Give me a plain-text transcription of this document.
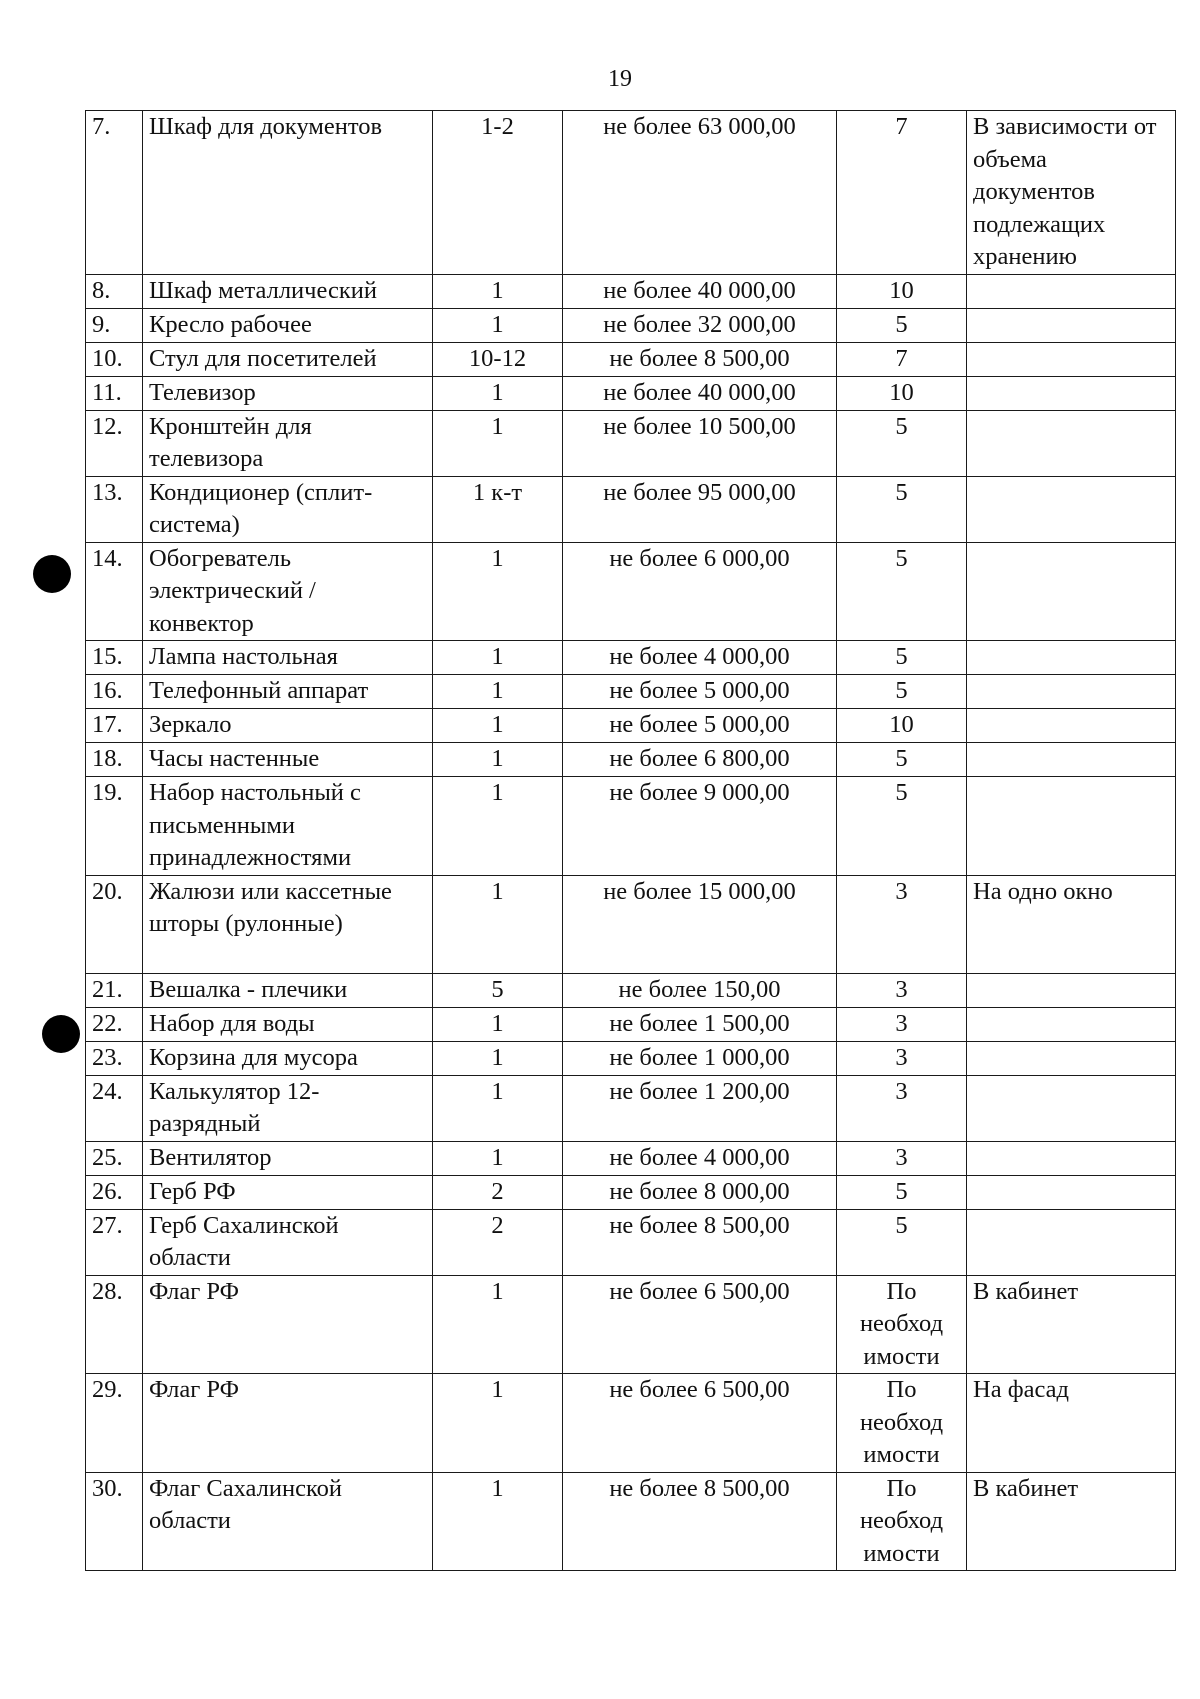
19
7.	Шкаф для документов	1-2	не более 63 000,00	7	В зависимости от объема документов подлежащих хранению
8.	Шкаф металлический	1	не более 40 000,00	10	
9.	Кресло рабочее	1	не более 32 000,00	5	
10.	Стул для посетителей	10-12	не более 8 500,00	7	
11.	Телевизор	1	не более 40 000,00	10	
12.	Кронштейн для телевизора	1	не более 10 500,00	5	
13.	Кондиционер (сплит-система)	1 к-т	не более 95 000,00	5	
14.	Обогреватель электрический / конвектор	1	не более 6 000,00	5	
15.	Лампа настольная	1	не более 4 000,00	5	
16.	Телефонный аппарат	1	не более 5 000,00	5	
17.	Зеркало	1	не более 5 000,00	10	
18.	Часы настенные	1	не более 6 800,00	5	
19.	Набор настольный с письменными принадлежностями	1	не более 9 000,00	5	
20.	Жалюзи или кассетные шторы (рулонные)	1	не более 15 000,00	3	На одно окно
21.	Вешалка - плечики	5	не более 150,00	3	
22.	Набор для воды	1	не более 1 500,00	3	
23.	Корзина для мусора	1	не более 1 000,00	3	
24.	Калькулятор 12-разрядный	1	не более 1 200,00	3	
25.	Вентилятор	1	не более 4 000,00	3	
26.	Герб РФ	2	не более 8 000,00	5	
27.	Герб Сахалинской области	2	не более 8 500,00	5	
28.	Флаг РФ	1	не более 6 500,00	По необход имости	В кабинет
29.	Флаг РФ	1	не более 6 500,00	По необход имости	На фасад
30.	Флаг Сахалинской области	1	не более 8 500,00	По необход имости	В кабинет
